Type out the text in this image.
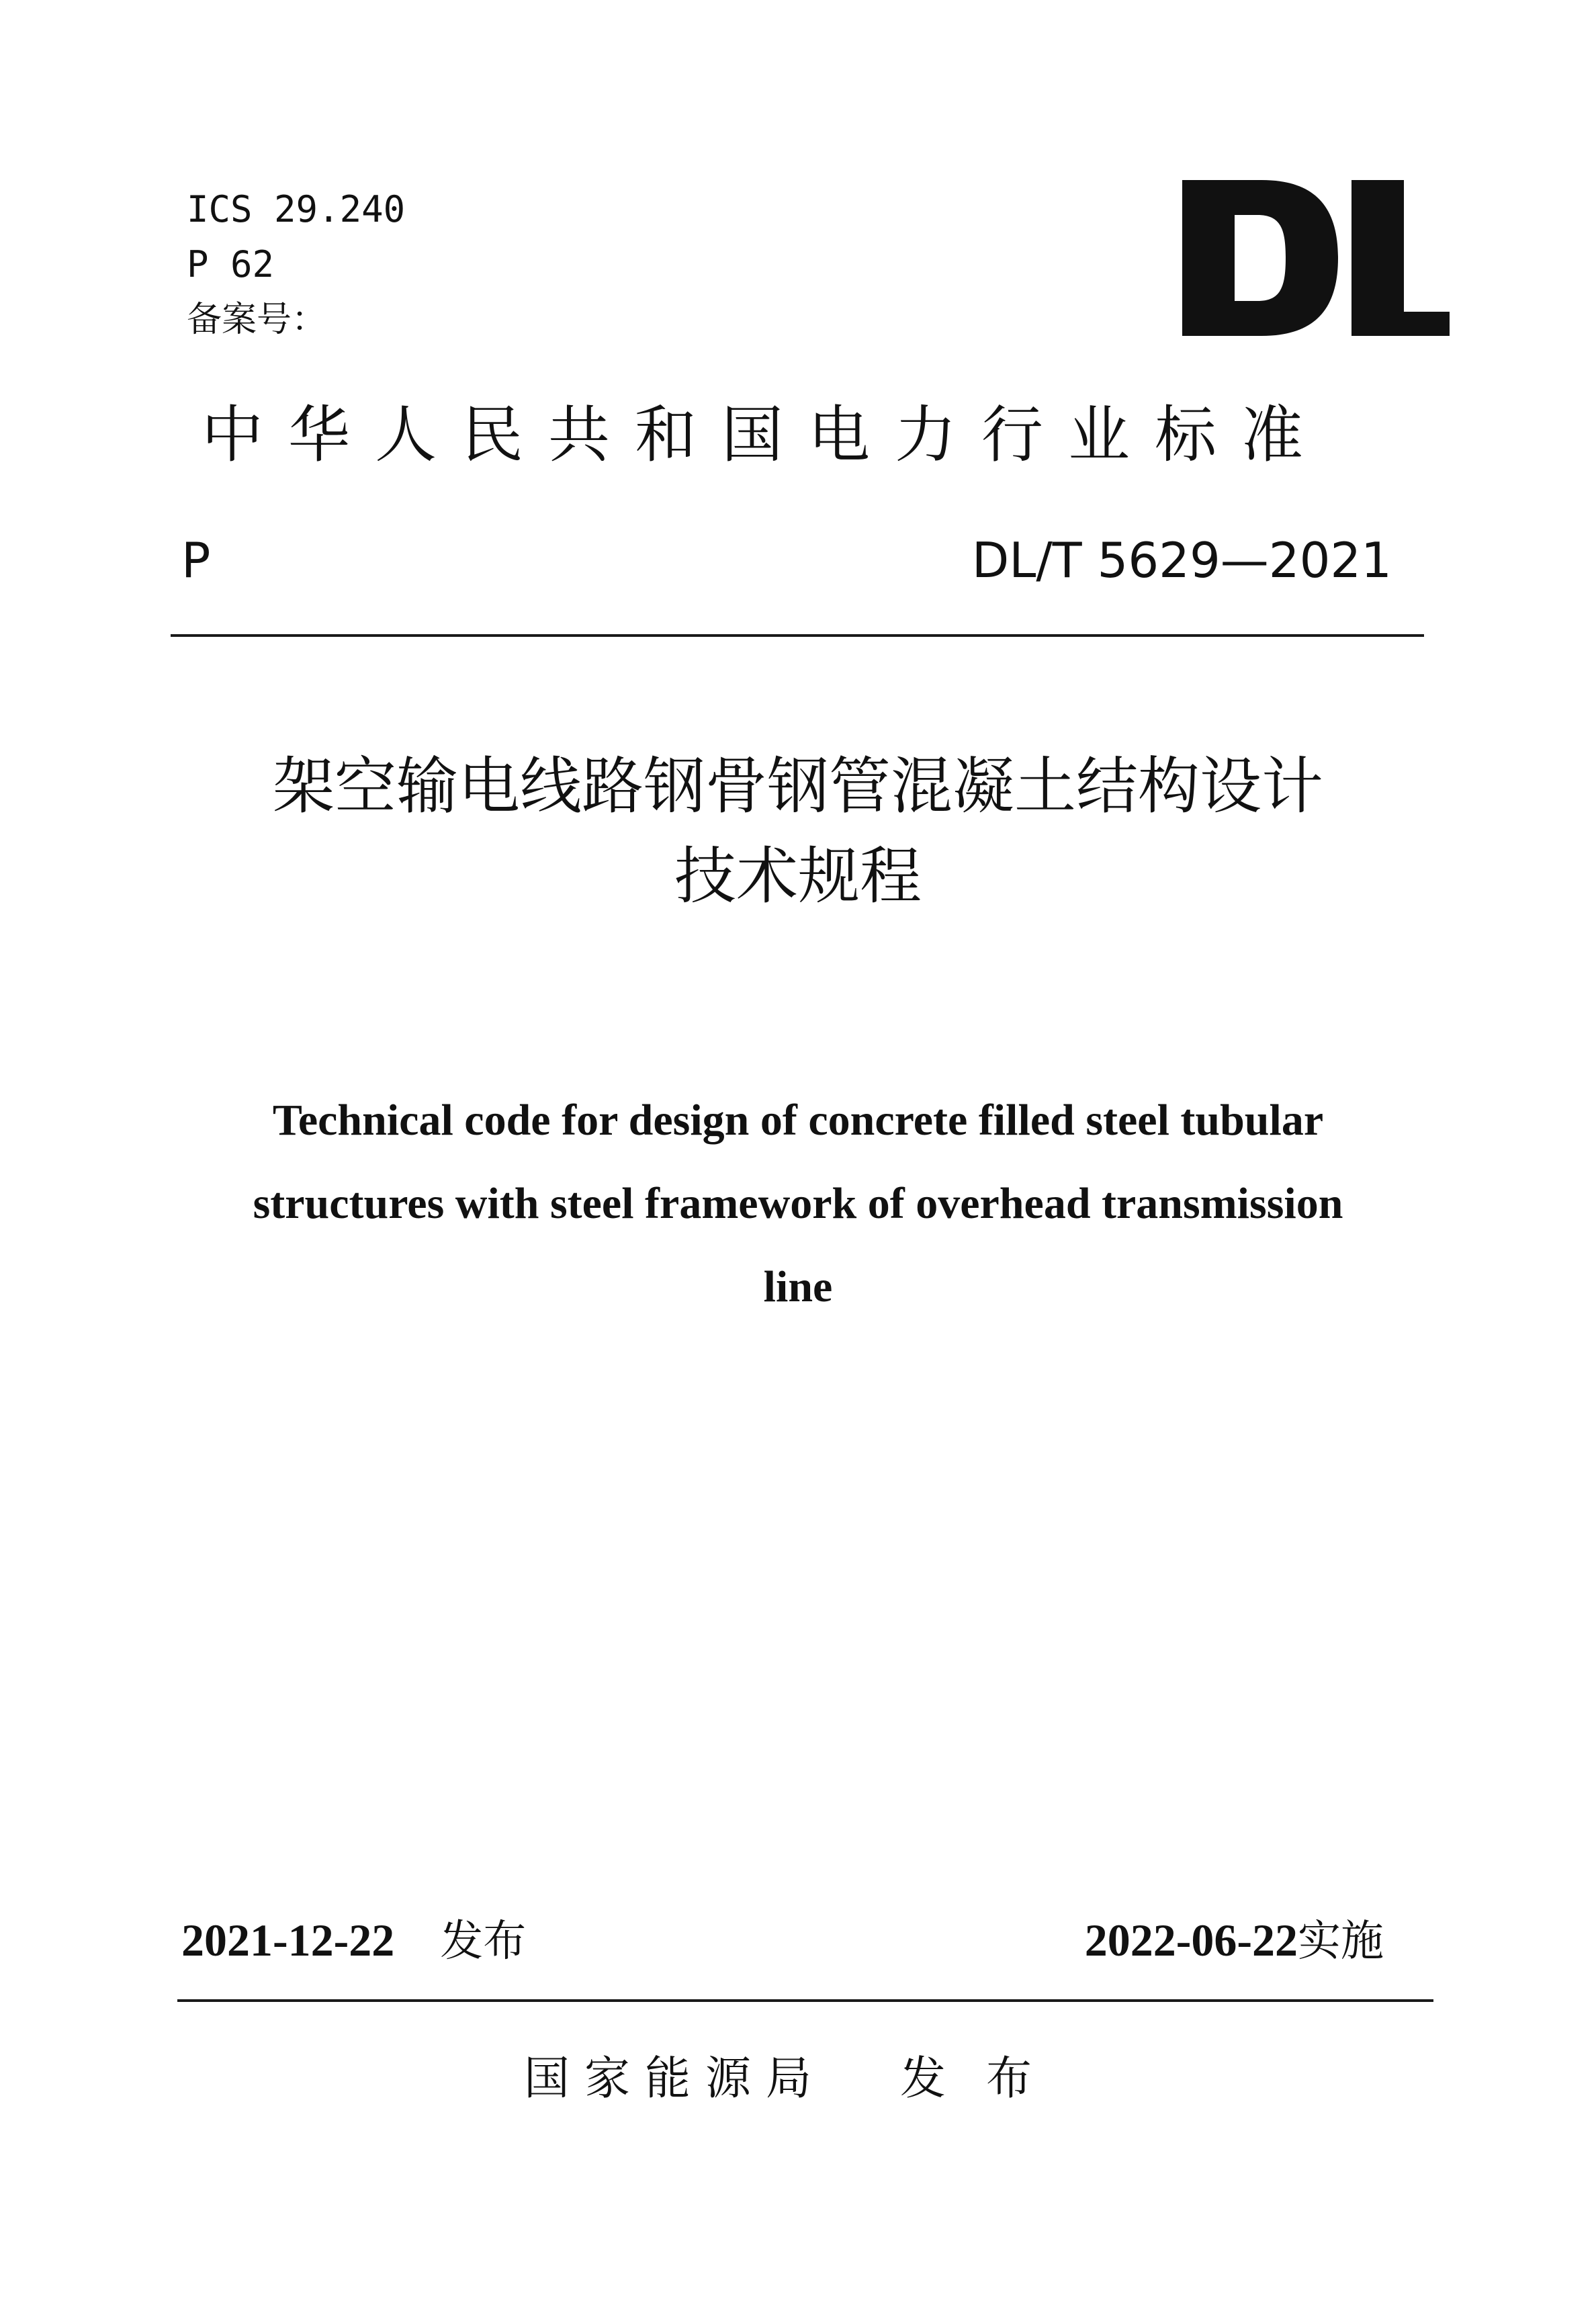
ICS 29.240
P 62
备案号：
中华人民共和国电力行业标准
P	DL/T 5629—2021
架空输电线路钢骨钢管混凝土结构设计
技术规程
Technical code for design of concrete filled steel tubular
structures with steel framework of overhead transmission
line
2021-12-22  发布	2022-06-22实施
国家能源局 发布
